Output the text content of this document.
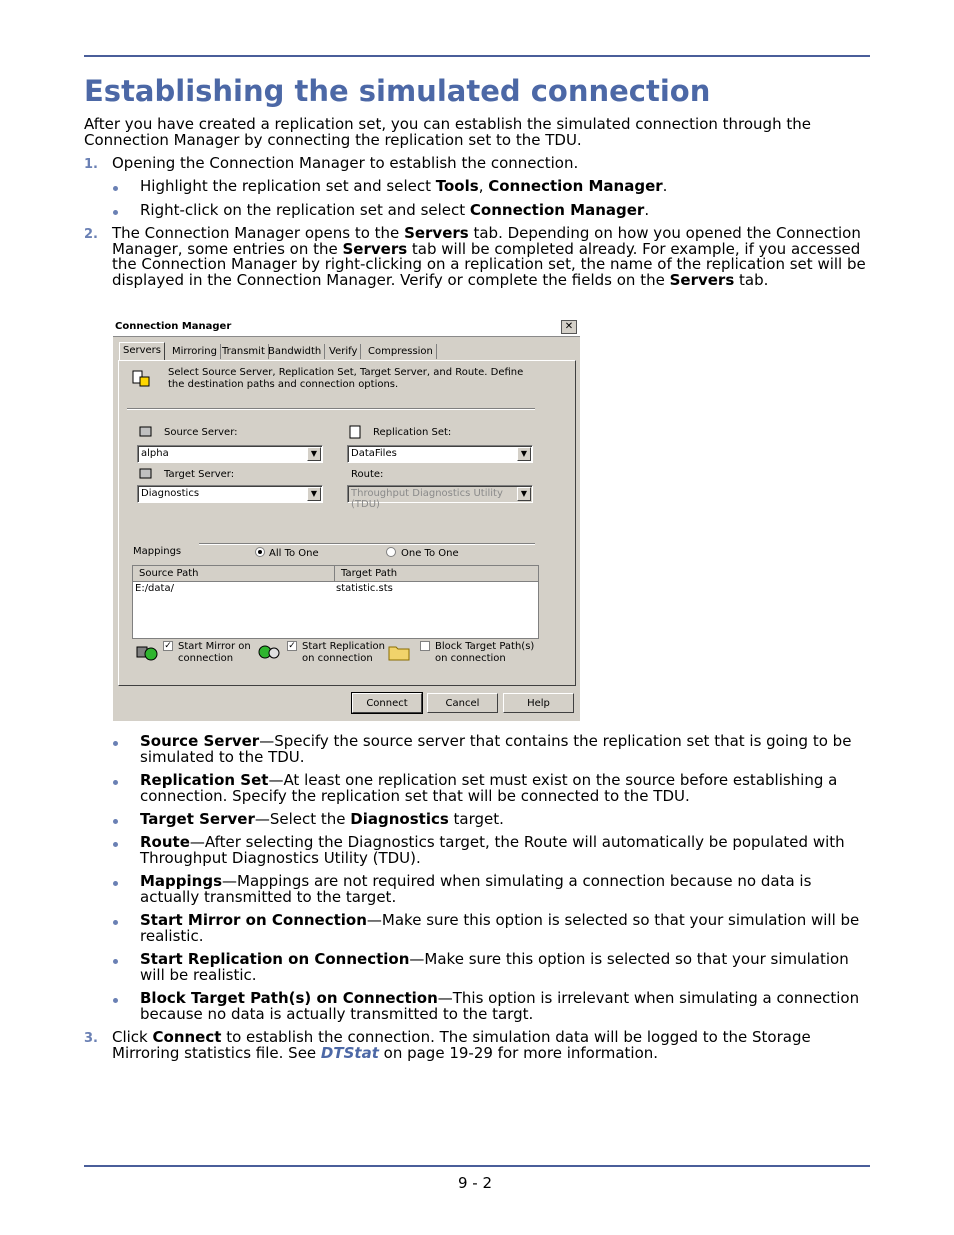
Establishing the simulated connection

After you have created a replication set, you can establish the simulated connection through the Connection Manager by connecting the replication set to the TDU.

1. Opening the Connection Manager to establish the connection.

Highlight the replication set and select Tools, Connection Manager.

Right-click on the replication set and select Connection Manager.

2. The Connection Manager opens to the Servers tab. Depending on how you opened the Connection Manager, some entries on the Servers tab will be completed already. For example, if you accessed the Connection Manager by right-clicking on a replication set, the name of the replication set will be displayed in the Connection Manager. Verify or complete the fields on the Servers tab.

Connection Manager	✕
Servers	Mirroring Transmit Bandwidth Verify	Compression
Select Source Server, Replication Set, Target Server, and Route. Define the destination paths and connection options.
Source Server:
alpha	▼
Replication Set:
DataFiles	▼
Target Server:
Diagnostics	▼
Route:
Throughput Diagnostics Utility (TDU)
▼
Mappings	All To One	One To One
Source Path	Target Path
E:/data/	statistic.sts
✓ Start Mirror on
connection
✓ Start Replication
on connection
Block Target Path(s)
on connection
Connect	Cancel	Help

Source Server—Specify the source server that contains the replication set that is going to be simulated to the TDU.

Replication Set—At least one replication set must exist on the source before establishing a connection. Specify the replication set that will be connected to the TDU.

Target Server—Select the Diagnostics target.

Route—After selecting the Diagnostics target, the Route will automatically be populated with Throughput Diagnostics Utility (TDU).

Mappings—Mappings are not required when simulating a connection because no data is actually transmitted to the target.

Start Mirror on Connection—Make sure this option is selected so that your simulation will be realistic.

Start Replication on Connection—Make sure this option is selected so that your simulation will be realistic.

Block Target Path(s) on Connection—This option is irrelevant when simulating a connection because no data is actually transmitted to the targt.

3. Click Connect to establish the connection. The simulation data will be logged to the Storage Mirroring statistics file. See DTStat on page 19-29 for more information.

9 - 2
